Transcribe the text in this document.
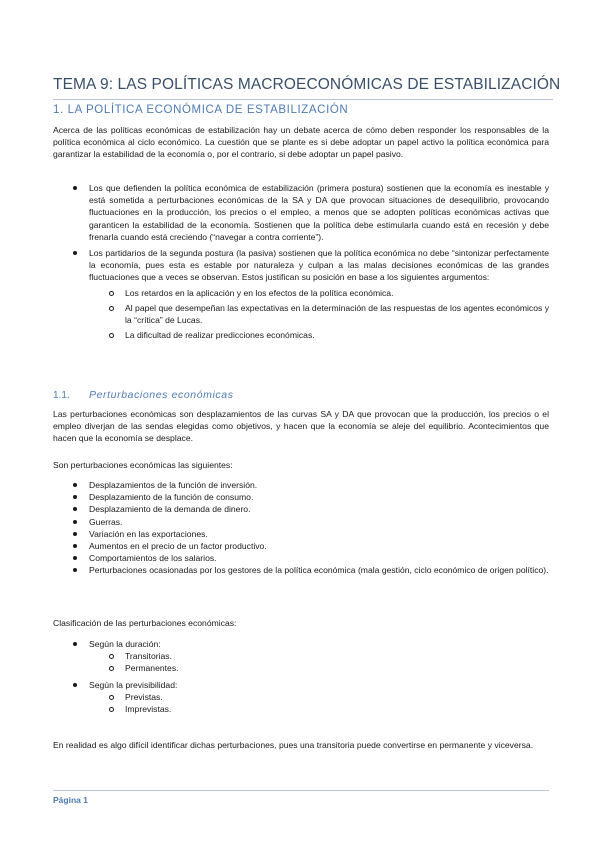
TEMA 9: LAS POLÍTICAS MACROECONÓMICAS DE ESTABILIZACIÓN
1. LA POLÍTICA ECONÓMICA DE ESTABILIZACIÓN

Acerca de las políticas económicas de estabilización hay un debate acerca de cómo deben responder los responsables de la política económica al ciclo económico. La cuestión que se plante es si debe adoptar un papel activo la política económica para garantizar la estabilidad de la economía o, por el contrario, si debe adoptar un papel pasivo.

Los que defienden la política económica de estabilización (primera postura) sostienen que la economía es inestable y está sometida a perturbaciones económicas de la SA y DA que provocan situaciones de desequilibrio, provocando fluctuaciones en la producción, los precios o el empleo, a menos que se adopten políticas económicas activas que garanticen la estabilidad de la economía. Sostienen que la política debe estimularla cuando está en recesión y debe frenarla cuando está creciendo (“navegar a contra corriente”).
Los partidarios de la segunda postura (la pasiva) sostienen que la política económica no debe “sintonizar perfectamente la economía, pues esta es estable por naturaleza y culpan a las malas decisiones económicas de las grandes fluctuaciones que a veces se observan. Estos justifican su posición en base a los siguientes argumentos:
Los retardos en la aplicación y en los efectos de la política económica.
Al papel que desempeñan las expectativas en la determinación de las respuestas de los agentes económicos y la “crítica” de Lucas.
La dificultad de realizar predicciones económicas.
1.1. Perturbaciones económicas

Las perturbaciones económicas son desplazamientos de las curvas SA y DA que provocan que la producción, los precios o el empleo diverjan de las sendas elegidas como objetivos, y hacen que la economía se aleje del equilibrio. Acontecimientos que hacen que la economía se desplace.

Son perturbaciones económicas las siguientes:

Desplazamientos de la función de inversión.
Desplazamiento de la función de consumo.
Desplazamiento de la demanda de dinero.
Guerras.
Variación en las exportaciones.
Aumentos en el precio de un factor productivo.
Comportamientos de los salarios.
Perturbaciones ocasionadas por los gestores de la política económica (mala gestión, ciclo económico de origen político).

Clasificación de las perturbaciones económicas:

Según la duración:
Transitorias.
Permanentes.
Según la previsibilidad:
Previstas.
Imprevistas.

En realidad es algo difícil identificar dichas perturbaciones, pues una transitoria puede convertirse en permanente y viceversa.

Página 1
